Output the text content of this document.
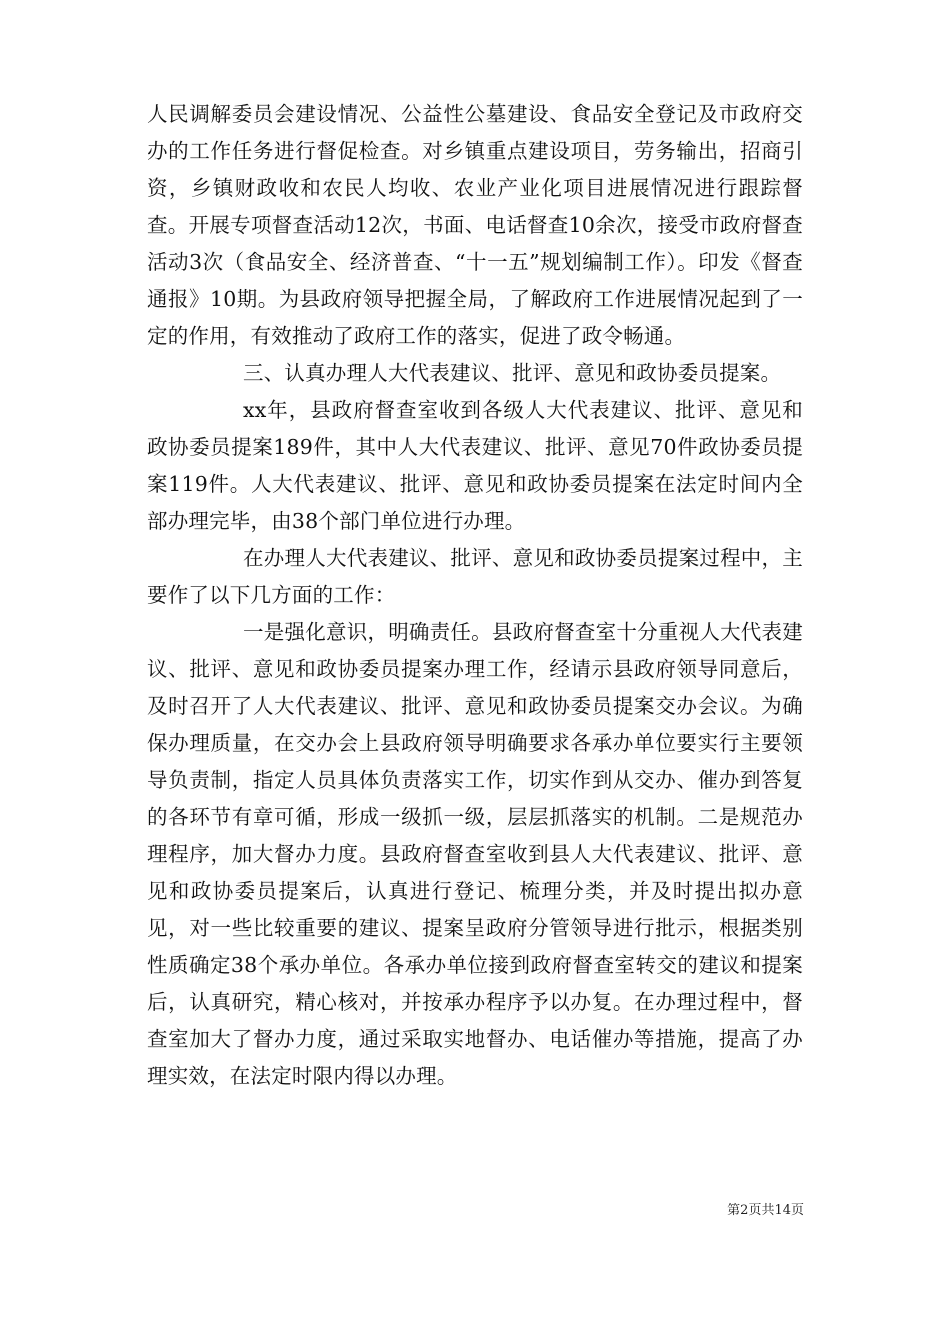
人民调解委员会建设情况、公益性公墓建设、食品安全登记及市政府交办的工作任务进行督促检查。对乡镇重点建设项目，劳务输出，招商引资，乡镇财政收和农民人均收、农业产业化项目进展情况进行跟踪督查。开展专项督查活动12次，书面、电话督查10余次，接受市政府督查活动3次（食品安全、经济普查、“十一五”规划编制工作）。印发《督查通报》10期。为县政府领导把握全局，了解政府工作进展情况起到了一定的作用，有效推动了政府工作的落实，促进了政令畅通。

三、认真办理人大代表建议、批评、意见和政协委员提案。

xx年，县政府督查室收到各级人大代表建议、批评、意见和政协委员提案189件，其中人大代表建议、批评、意见70件政协委员提案119件。人大代表建议、批评、意见和政协委员提案在法定时间内全部办理完毕，由38个部门单位进行办理。

在办理人大代表建议、批评、意见和政协委员提案过程中，主要作了以下几方面的工作：

一是强化意识，明确责任。县政府督查室十分重视人大代表建议、批评、意见和政协委员提案办理工作，经请示县政府领导同意后，及时召开了人大代表建议、批评、意见和政协委员提案交办会议。为确保办理质量，在交办会上县政府领导明确要求各承办单位要实行主要领导负责制，指定人员具体负责落实工作，切实作到从交办、催办到答复的各环节有章可循，形成一级抓一级，层层抓落实的机制。二是规范办理程序，加大督办力度。县政府督查室收到县人大代表建议、批评、意见和政协委员提案后，认真进行登记、梳理分类，并及时提出拟办意见，对一些比较重要的建议、提案呈政府分管领导进行批示，根据类别性质确定38个承办单位。各承办单位接到政府督查室转交的建议和提案后，认真研究，精心核对，并按承办程序予以办复。在办理过程中，督查室加大了督办力度，通过采取实地督办、电话催办等措施，提高了办理实效，在法定时限内得以办理。

第2页共14页
